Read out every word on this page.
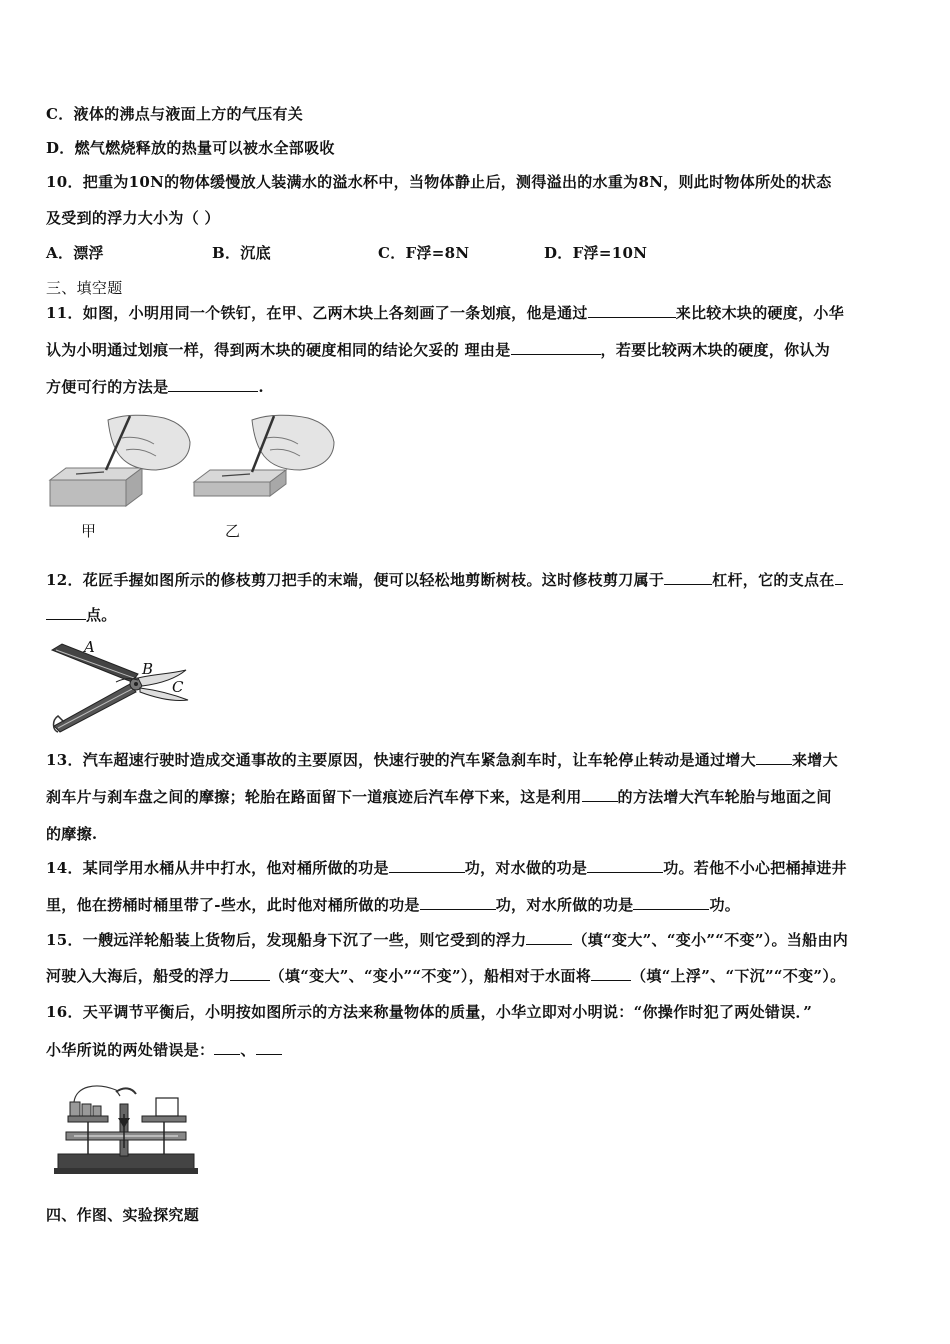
C．液体的沸点与液面上方的气压有关
D．燃气燃烧释放的热量可以被水全部吸收
10．把重为10N的物体缓慢放人装满水的溢水杯中，当物体静止后，测得溢出的水重为8N，则此时物体所处的状态
及受到的浮力大小为（ ）
A．漂浮	B．沉底	C．F浮=8N	D．F浮=10N
三、填空题
11．如图，小明用同一个铁钉，在甲、乙两木块上各刻画了一条划痕，他是通过	来比较木块的硬度，小华
认为小明通过划痕一样，得到两木块的硬度相同的结论欠妥的 理由是	，若要比较两木块的硬度，你认为
方便可行的方法是	.
甲	乙
12．花匠手握如图所示的修枝剪刀把手的末端，便可以轻松地剪断树枝。这时修枝剪刀属于	杠杆，它的支点在
点。
A
B
C
13．汽车超速行驶时造成交通事故的主要原因，快速行驶的汽车紧急刹车时，让车轮停止转动是通过增大 来增大
刹车片与刹车盘之间的摩擦；轮胎在路面留下一道痕迹后汽车停下来，这是利用 的方法增大汽车轮胎与地面之间
的摩擦.
14．某同学用水桶从井中打水，他对桶所做的功是	功，对水做的功是	功。若他不小心把桶掉进井
里，他在捞桶时桶里带了-些水，此时他对桶所做的功是	功，对水所做的功是	功。
15．一艘远洋轮船装上货物后，发现船身下沉了一些，则它受到的浮力	（填“变大”、“变小”“不变”）。当船由内
河驶入大海后，船受的浮力	（填“变大”、“变小”“不变”），船相对于水面将	（填“上浮”、“下沉”“不变”）。
16．天平调节平衡后，小明按如图所示的方法来称量物体的质量，小华立即对小明说：“你操作时犯了两处错误．”
小华所说的两处错误是： 、
四、作图、实验探究题
